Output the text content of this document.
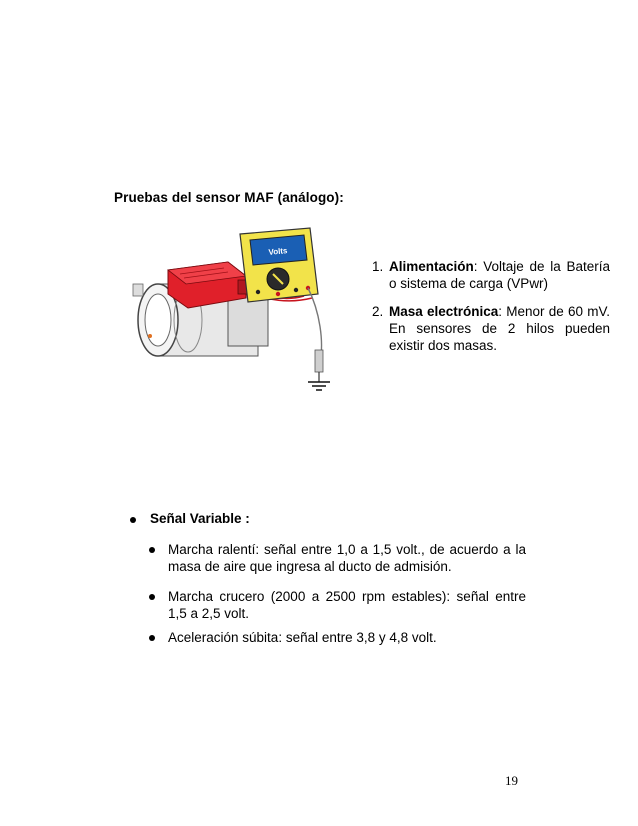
Pruebas del sensor MAF (análogo):
Volts
1. Alimentación: Voltaje de la Batería o sistema de carga (VPwr)
2. Masa electrónica: Menor de 60 mV. En sensores de 2 hilos pueden existir dos masas.
Señal Variable :
Marcha ralentí: señal entre 1,0 a 1,5 volt., de acuerdo a la masa de aire que ingresa al ducto de admisión.
Marcha crucero (2000 a 2500 rpm estables): señal entre 1,5 a 2,5 volt.
Aceleración súbita: señal entre 3,8 y 4,8 volt.
19
